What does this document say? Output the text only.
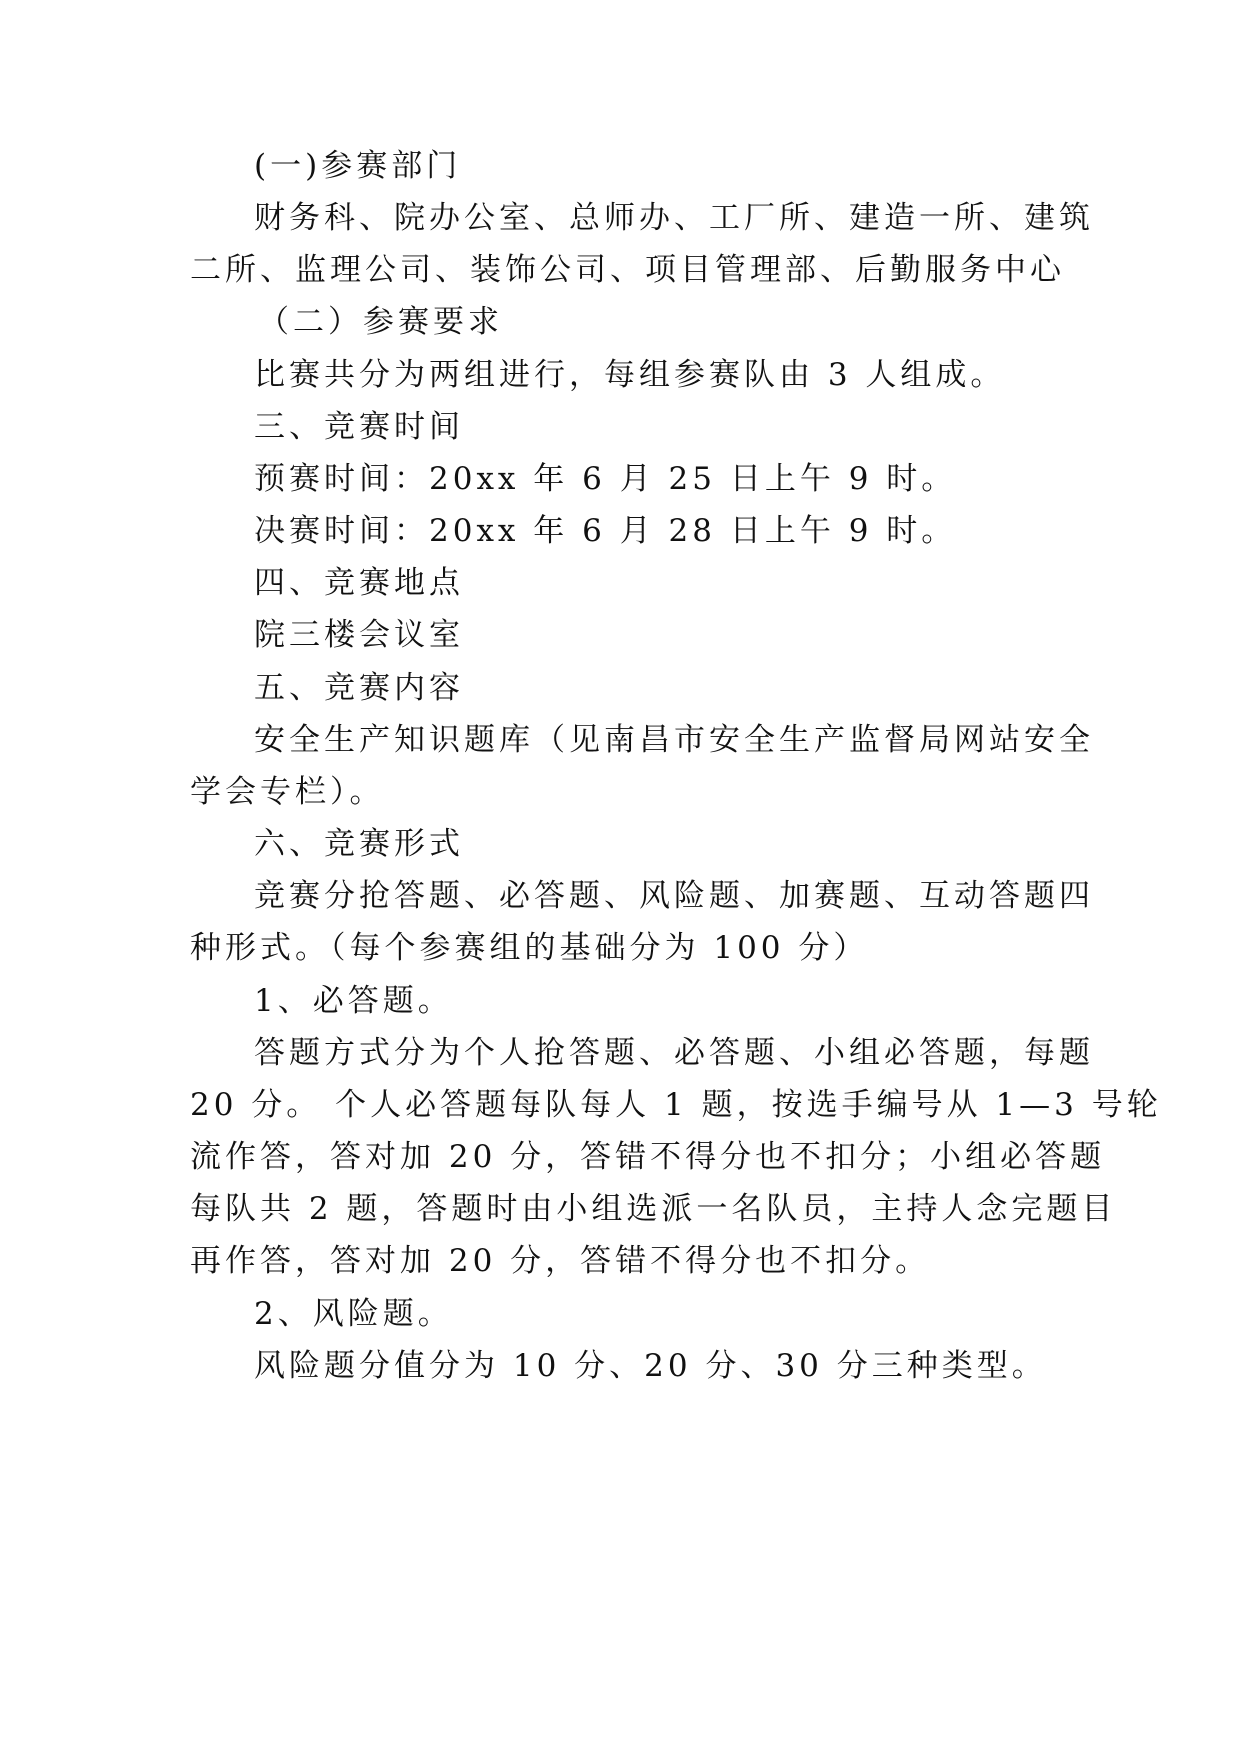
(一)参赛部门
财务科、院办公室、总师办、工厂所、建造一所、建筑
二所、监理公司、装饰公司、项目管理部、后勤服务中心
（二）参赛要求
比赛共分为两组进行，每组参赛队由 3 人组成。
三、竞赛时间
预赛时间：20xx 年 6 月 25 日上午 9 时。
决赛时间：20xx 年 6 月 28 日上午 9 时。
四、竞赛地点
院三楼会议室
五、竞赛内容
安全生产知识题库（见南昌市安全生产监督局网站安全
学会专栏）。
六、竞赛形式
竞赛分抢答题、必答题、风险题、加赛题、互动答题四
种形式。（每个参赛组的基础分为 100 分）
1、必答题。
答题方式分为个人抢答题、必答题、小组必答题，每题
20 分。 个人必答题每队每人 1 题，按选手编号从 1—3 号轮
流作答，答对加 20 分，答错不得分也不扣分；小组必答题
每队共 2 题，答题时由小组选派一名队员，主持人念完题目
再作答，答对加 20 分，答错不得分也不扣分。
2、风险题。
风险题分值分为 10 分、20 分、30 分三种类型。
